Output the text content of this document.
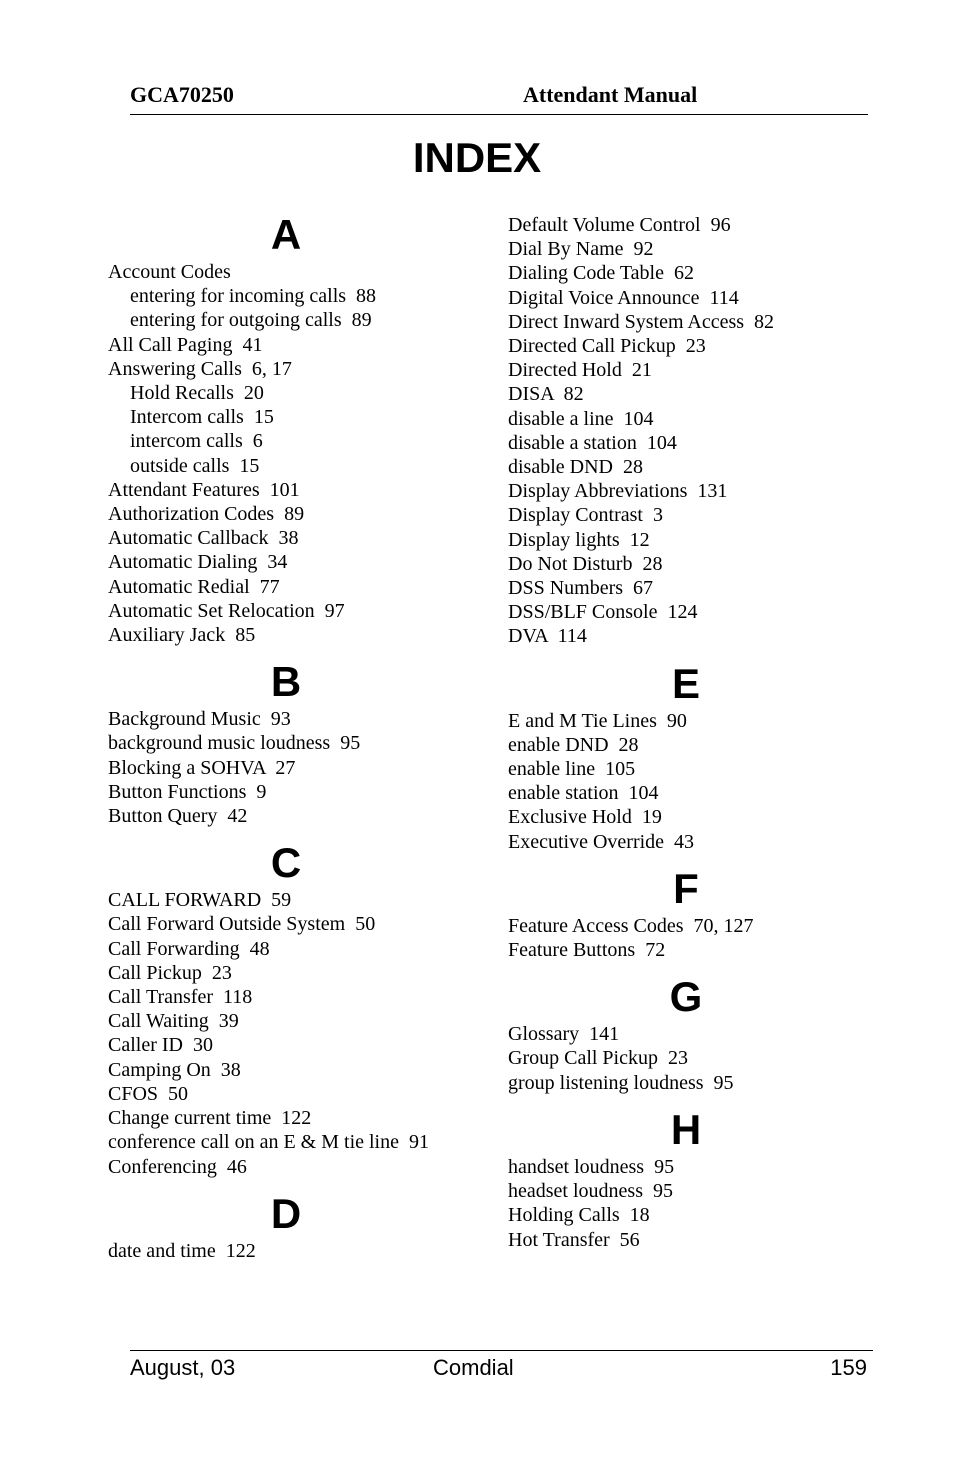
GCA70250	Attendant Manual
INDEX
A
Account Codes
entering for incoming calls  88
entering for outgoing calls  89
All Call Paging  41
Answering Calls  6, 17
Hold Recalls  20
Intercom calls  15
intercom calls  6
outside calls  15
Attendant Features  101
Authorization Codes  89
Automatic Callback  38
Automatic Dialing  34
Automatic Redial  77
Automatic Set Relocation  97
Auxiliary Jack  85
B
Background Music  93
background music loudness  95
Blocking a SOHVA  27
Button Functions  9
Button Query  42
C
CALL FORWARD  59
Call Forward Outside System  50
Call Forwarding  48
Call Pickup  23
Call Transfer  118
Call Waiting  39
Caller ID  30
Camping On  38
CFOS  50
Change current time  122
conference call on an E & M tie line  91
Conferencing  46
D
date and time  122
Default Volume Control  96
Dial By Name  92
Dialing Code Table  62
Digital Voice Announce  114
Direct Inward System Access  82
Directed Call Pickup  23
Directed Hold  21
DISA  82
disable a line  104
disable a station  104
disable DND  28
Display Abbreviations  131
Display Contrast  3
Display lights  12
Do Not Disturb  28
DSS Numbers  67
DSS/BLF Console  124
DVA  114
E
E and M Tie Lines  90
enable DND  28
enable line  105
enable station  104
Exclusive Hold  19
Executive Override  43
F
Feature Access Codes  70, 127
Feature Buttons  72
G
Glossary  141
Group Call Pickup  23
group listening loudness  95
H
handset loudness  95
headset loudness  95
Holding Calls  18
Hot Transfer  56
August, 03	Comdial	159
